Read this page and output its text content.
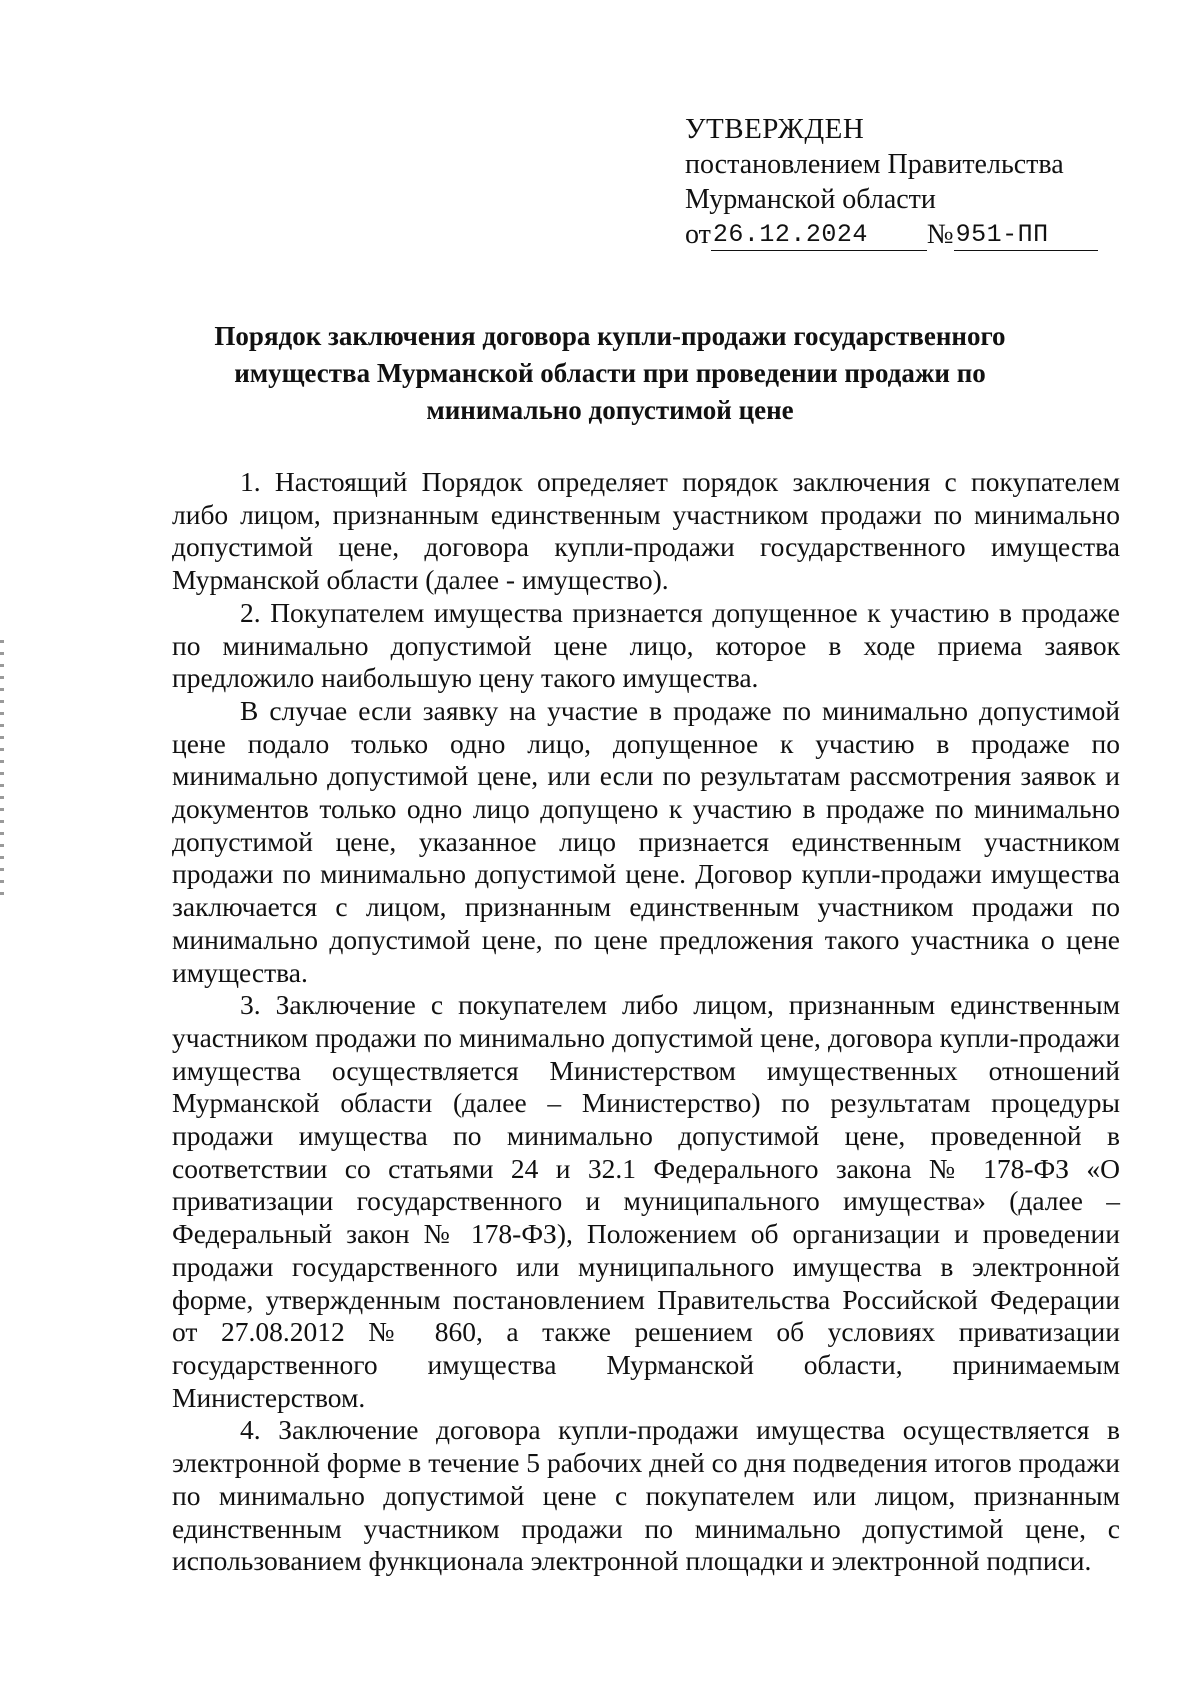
УТВЕРЖДЕН
постановлением Правительства
Мурманской области
от26.12.2024 №951-ПП
Порядок заключения договора купли-продажи государственного имущества Мурманской области при проведении продажи по минимально допустимой цене

1. Настоящий Порядок определяет порядок заключения с покупателем либо лицом, признанным единственным участником продажи по минимально допустимой цене, договора купли-продажи государственного имущества Мурманской области (далее - имущество).

2. Покупателем имущества признается допущенное к участию в продаже по минимально допустимой цене лицо, которое в ходе приема заявок предложило наибольшую цену такого имущества.

В случае если заявку на участие в продаже по минимально допустимой цене подало только одно лицо, допущенное к участию в продаже по минимально допустимой цене, или если по результатам рассмотрения заявок и документов только одно лицо допущено к участию в продаже по минимально допустимой цене, указанное лицо признается единственным участником продажи по минимально допустимой цене. Договор купли-продажи имущества заключается с лицом, признанным единственным участником продажи по минимально допустимой цене, по цене предложения такого участника о цене имущества.

3. Заключение с покупателем либо лицом, признанным единственным участником продажи по минимально допустимой цене, договора купли-продажи имущества осуществляется Министерством имущественных отношений Мурманской области (далее – Министерство) по результатам процедуры продажи имущества по минимально допустимой цене, проведенной в соответствии со статьями 24 и 32.1 Федерального закона № 178-ФЗ «О приватизации государственного и муниципального имущества» (далее – Федеральный закон № 178-ФЗ), Положением об организации и проведении продажи государственного или муниципального имущества в электронной форме, утвержденным постановлением Правительства Российской Федерации от 27.08.2012 № 860, а также решением об условиях приватизации государственного имущества Мурманской области, принимаемым Министерством.

4. Заключение договора купли-продажи имущества осуществляется в электронной форме в течение 5 рабочих дней со дня подведения итогов продажи по минимально допустимой цене с покупателем или лицом, признанным единственным участником продажи по минимально допустимой цене, с использованием функционала электронной площадки и электронной подписи.
